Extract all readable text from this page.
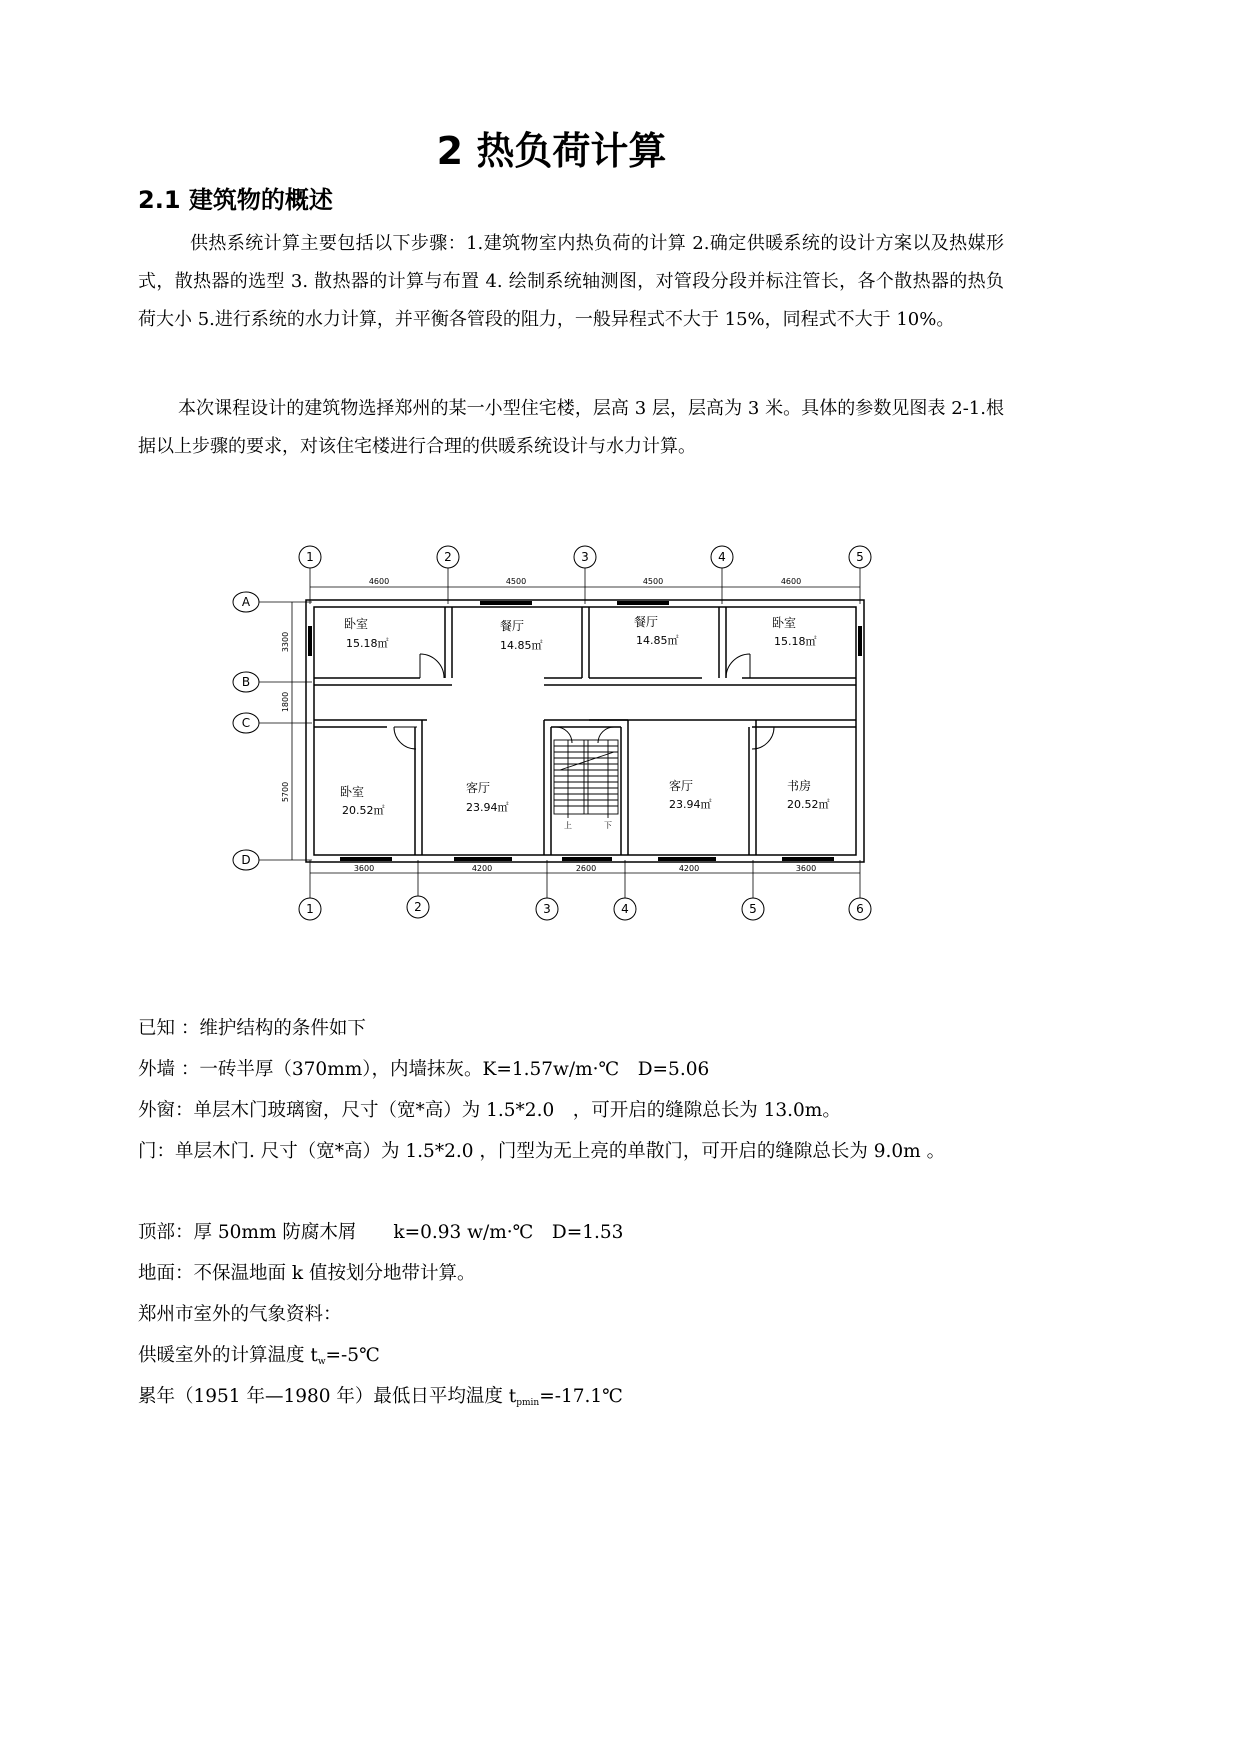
2 热负荷计算
2.1 建筑物的概述

供热系统计算主要包括以下步骤：1.建筑物室内热负荷的计算 2.确定供暖系统的设计方案以及热媒形式，散热器的选型 3. 散热器的计算与布置 4. 绘制系统轴测图，对管段分段并标注管长，各个散热器的热负荷大小 5.进行系统的水力计算，并平衡各管段的阻力，一般异程式不大于 15%，同程式不大于 10%。

本次课程设计的建筑物选择郑州的某一小型住宅楼，层高 3 层，层高为 3 米。具体的参数见图表 2-1.根据以上步骤的要求，对该住宅楼进行合理的供暖系统设计与水力计算。

1	2	3	4	5
1	2	3	4	5	6
A
B
C
D
4600	4500	4500	4600
3600	4200	2600	4200	3600
3300
1800
5700
卧室
15.18㎡
餐厅
14.85㎡
餐厅
14.85㎡
卧室
15.18㎡
卧室
20.52㎡
客厅
23.94㎡
客厅
23.94㎡
书房
20.52㎡
上	下

已知 ：维护结构的条件如下

外墙 ：一砖半厚（370mm），内墙抹灰。K=1.57w/m·℃　D=5.06

外窗：单层木门玻璃窗，尺寸（宽*高）为 1.5*2.0　，可开启的缝隙总长为 13.0m。

门：单层木门. 尺寸（宽*高）为 1.5*2.0 ，门型为无上亮的单散门，可开启的缝隙总长为 9.0m 。

顶部：厚 50mm 防腐木屑　　k=0.93 w/m·℃　D=1.53

地面：不保温地面 k 值按划分地带计算。

郑州市室外的气象资料：

供暖室外的计算温度 $t_w=-5℃$

累年（1951 年—1980 年）最低日平均温度 $t_{pmin}=-17.1℃$
